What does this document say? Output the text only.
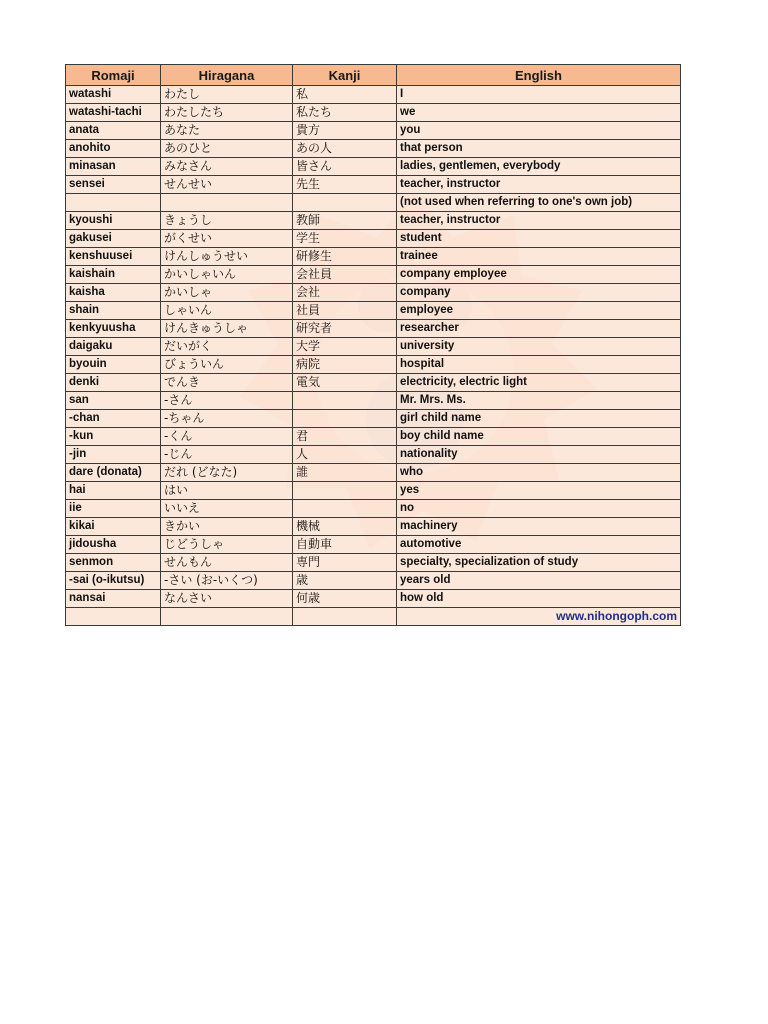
Romaji	Hiragana	Kanji	English
watashi	わたし	私	I
watashi-tachi	わたしたち	私たち	we
anata	あなた	貴方	you
anohito	あのひと	あの人	that person
minasan	みなさん	皆さん	ladies, gentlemen, everybody
sensei	せんせい	先生	teacher, instructor
			(not used when referring to one's own job)
kyoushi	きょうし	教師	teacher, instructor
gakusei	がくせい	学生	student
kenshuusei	けんしゅうせい	研修生	trainee
kaishain	かいしゃいん	会社員	company employee
kaisha	かいしゃ	会社	company
shain	しゃいん	社員	employee
kenkyuusha	けんきゅうしゃ	研究者	researcher
daigaku	だいがく	大学	university
byouin	びょういん	病院	hospital
denki	でんき	電気	electricity, electric light
san	-さん		Mr. Mrs. Ms.
-chan	-ちゃん		girl child name
-kun	-くん	君	boy child name
-jin	-じん	人	nationality
dare (donata)	だれ (どなた)	誰	who
hai	はい		yes
iie	いいえ		no
kikai	きかい	機械	machinery
jidousha	じどうしゃ	自動車	automotive
senmon	せんもん	専門	specialty, specialization of study
-sai (o-ikutsu)	-さい (お-いくつ)	歳	years old
nansai	なんさい	何歳	how old
			www.nihongoph.com
